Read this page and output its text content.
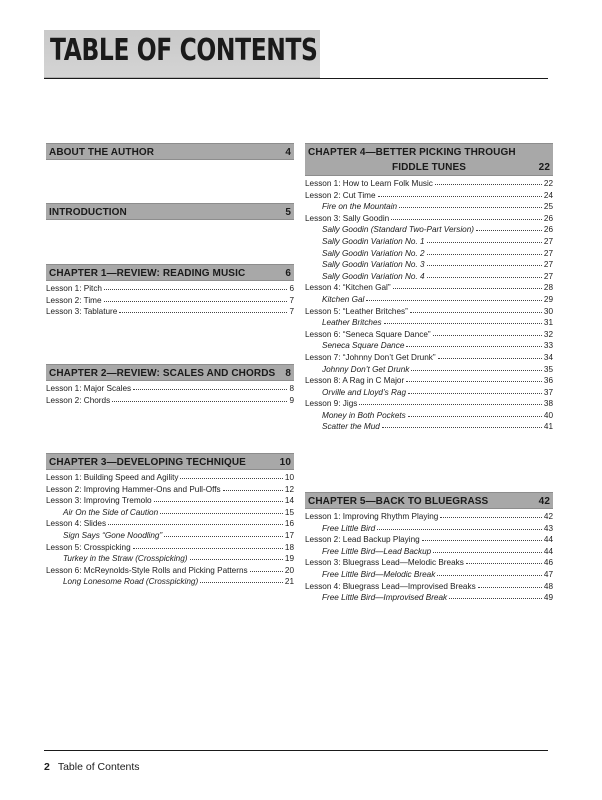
TABLE OF CONTENTS
ABOUT THE AUTHOR	4
INTRODUCTION	5
CHAPTER 1—REVIEW: READING MUSIC	6
Lesson 1: Pitch	6
Lesson 2: Time	7
Lesson 3: Tablature	7
CHAPTER 2—REVIEW: SCALES AND CHORDS 8
Lesson 1: Major Scales	8
Lesson 2: Chords	9
CHAPTER 3—DEVELOPING TECHNIQUE	10
Lesson 1: Building Speed and Agility	10
Lesson 2: Improving Hammer-Ons and Pull-Offs	12
Lesson 3: Improving Tremolo	14
Air On the Side of Caution	15
Lesson 4: Slides	16
Sign Says “Gone Noodling”	17
Lesson 5: Crosspicking	18
Turkey in the Straw (Crosspicking)	19
Lesson 6: McReynolds-Style Rolls and Picking Patterns	20
Long Lonesome Road (Crosspicking)	21
CHAPTER 4—BETTER PICKING THROUGH
FIDDLE TUNES	22
Lesson 1: How to Learn Folk Music	22
Lesson 2: Cut Time	24
Fire on the Mountain	25
Lesson 3: Sally Goodin	26
Sally Goodin (Standard Two-Part Version)	26
Sally Goodin Variation No. 1	27
Sally Goodin Variation No. 2	27
Sally Goodin Variation No. 3	27
Sally Goodin Variation No. 4	27
Lesson 4: “Kitchen Gal”	28
Kitchen Gal	29
Lesson 5: “Leather Britches”	30
Leather Britches	31
Lesson 6: “Seneca Square Dance”	32
Seneca Square Dance	33
Lesson 7: “Johnny Don’t Get Drunk”	34
Johnny Don’t Get Drunk	35
Lesson 8: A Rag in C Major	36
Orville and Lloyd’s Rag	37
Lesson 9: Jigs	38
Money in Both Pockets	40
Scatter the Mud	41
CHAPTER 5—BACK TO BLUEGRASS	42
Lesson 1: Improving Rhythm Playing	42
Free Little Bird	43
Lesson 2: Lead Backup Playing	44
Free Little Bird—Lead Backup	44
Lesson 3: Bluegrass Lead—Melodic Breaks	46
Free Little Bird—Melodic Break	47
Lesson 4: Bluegrass Lead—Improvised Breaks	48
Free Little Bird—Improvised Break	49
2 Table of Contents
